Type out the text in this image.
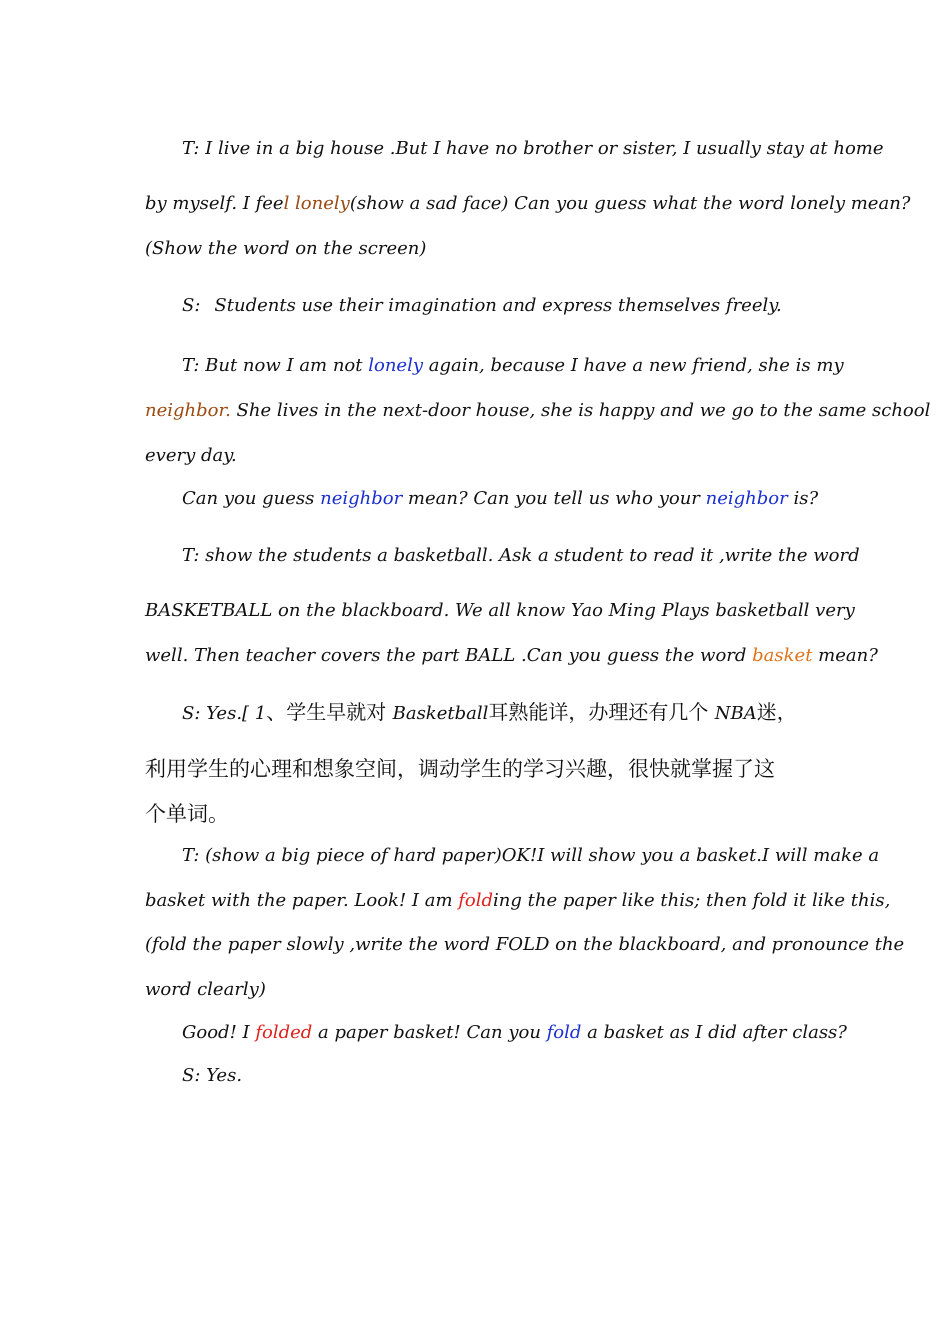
T: I live in a big house .But I have no brother or sister, I usually stay at home
by myself. I feel lonely(show a sad face) Can you guess what the word lonely mean?
(Show the word on the screen)
S: Students use their imagination and express themselves freely.
T: But now I am not lonely again, because I have a new friend, she is my
neighbor. She lives in the next-door house, she is happy and we go to the same school
every day.
Can you guess neighbor mean? Can you tell us who your neighbor is?
T: show the students a basketball. Ask a student to read it ,write the word
BASKETBALL on the blackboard. We all know Yao Ming Plays basketball very
well. Then teacher covers the part BALL .Can you guess the word basket mean?
S: Yes.[ 1、学生早就对 Basketball耳熟能详，办理还有几个 NBA迷，
利用学生的心理和想象空间，调动学生的学习兴趣，很快就掌握了这
个单词。
T: (show a big piece of hard paper)OK!I will show you a basket.I will make a
basket with the paper. Look! I am folding the paper like this; then fold it like this,
(fold the paper slowly ,write the word FOLD on the blackboard, and pronounce the
word clearly)
Good! I folded a paper basket! Can you fold a basket as I did after class?
S: Yes.
